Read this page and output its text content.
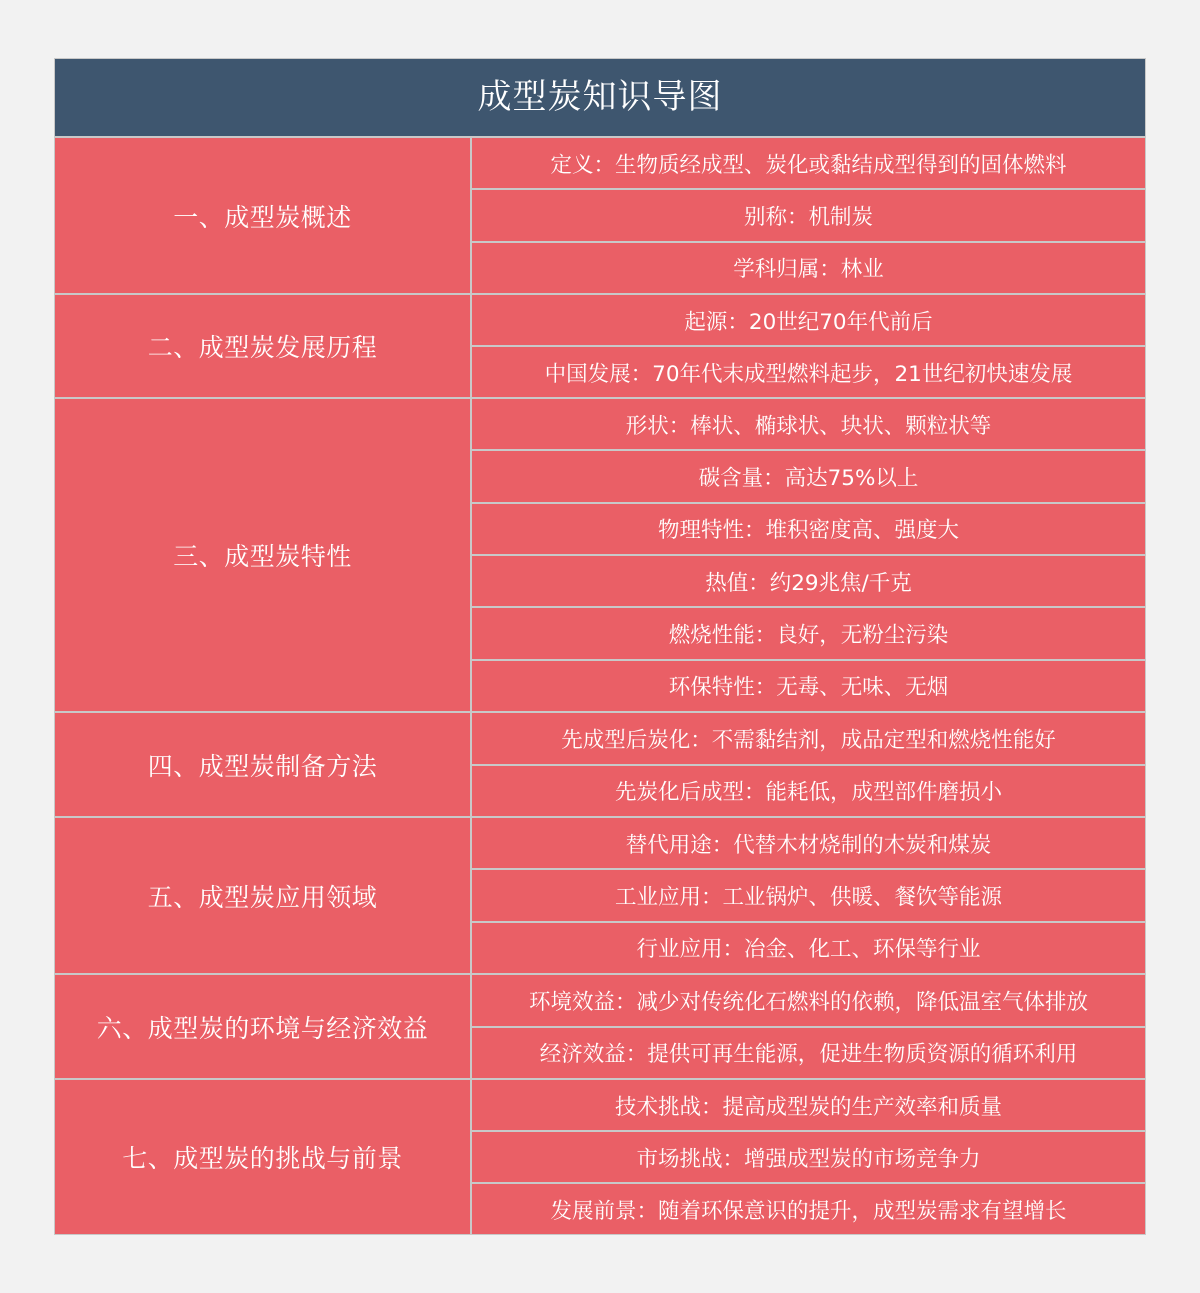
成型炭知识导图
一、成型炭概述
定义：生物质经成型、炭化或黏结成型得到的固体燃料
别称：机制炭
学科归属：林业
二、成型炭发展历程
起源：20世纪70年代前后
中国发展：70年代末成型燃料起步，21世纪初快速发展
三、成型炭特性
形状：棒状、椭球状、块状、颗粒状等
碳含量：高达75%以上
物理特性：堆积密度高、强度大
热值：约29兆焦/千克
燃烧性能：良好，无粉尘污染
环保特性：无毒、无味、无烟
四、成型炭制备方法
先成型后炭化：不需黏结剂，成品定型和燃烧性能好
先炭化后成型：能耗低，成型部件磨损小
五、成型炭应用领域
替代用途：代替木材烧制的木炭和煤炭
工业应用：工业锅炉、供暖、餐饮等能源
行业应用：冶金、化工、环保等行业
六、成型炭的环境与经济效益
环境效益：减少对传统化石燃料的依赖，降低温室气体排放
经济效益：提供可再生能源，促进生物质资源的循环利用
七、成型炭的挑战与前景
技术挑战：提高成型炭的生产效率和质量
市场挑战：增强成型炭的市场竞争力
发展前景：随着环保意识的提升，成型炭需求有望增长
